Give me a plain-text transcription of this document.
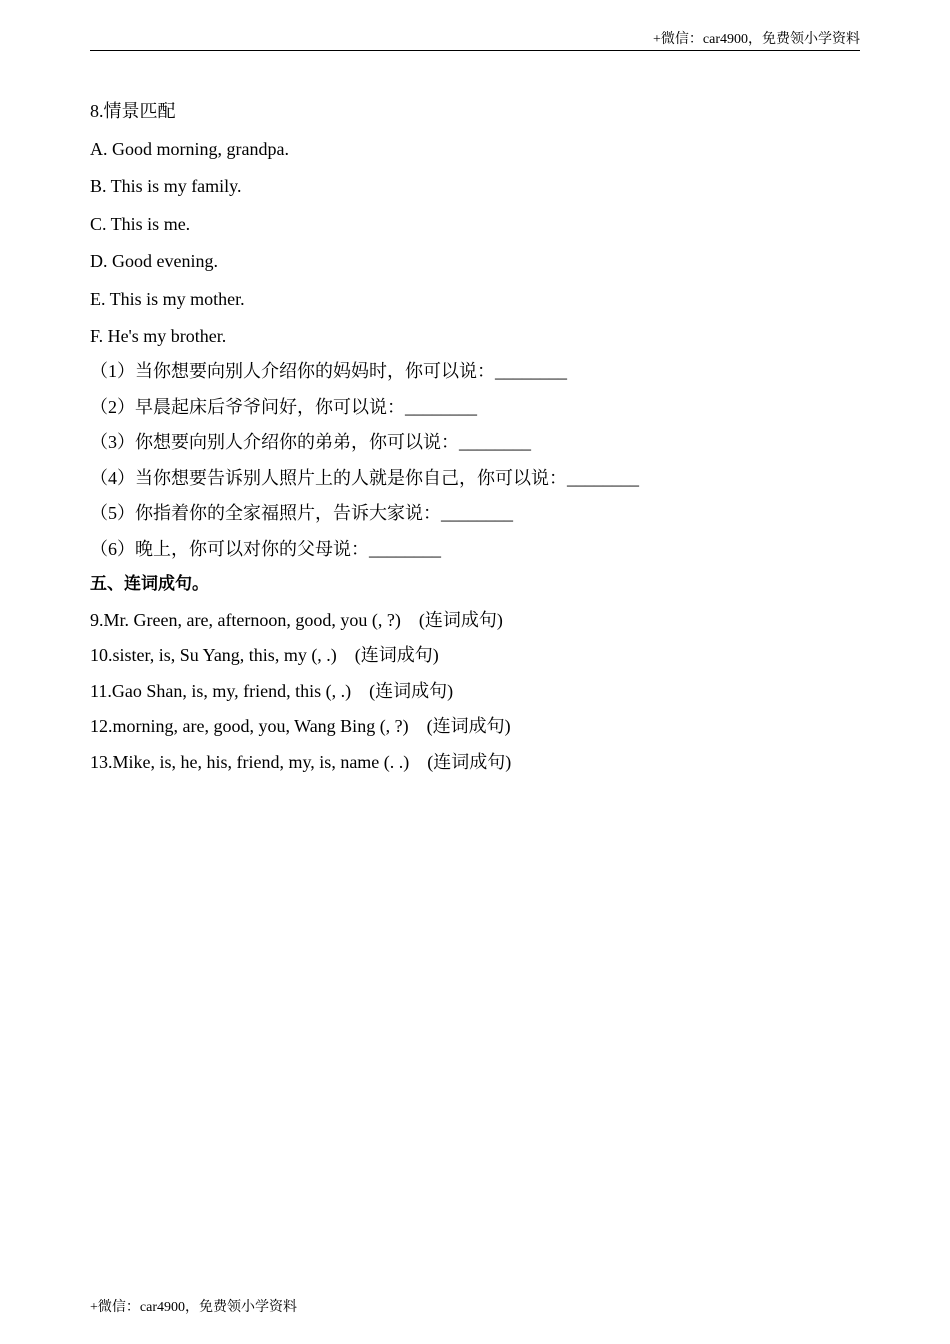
+微信：car4900，免费领小学资料
8.情景匹配
A. Good morning, grandpa.
B. This is my family.
C. This is me.
D. Good evening.
E. This is my mother.
F. He's my brother.
（1）当你想要向别人介绍你的妈妈时，你可以说：________
（2）早晨起床后爷爷问好，你可以说：________
（3）你想要向别人介绍你的弟弟，你可以说：________
（4）当你想要告诉别人照片上的人就是你自己，你可以说：________
（5）你指着你的全家福照片，告诉大家说：________
（6）晚上，你可以对你的父母说：________
五、连词成句。
9.Mr. Green, are, afternoon, good, you (, ?)    (连词成句)
10.sister, is, Su Yang, this, my (, .)    (连词成句)
11.Gao Shan, is, my, friend, this (, .)    (连词成句)
12.morning, are, good, you, Wang Bing (, ?)    (连词成句)
13.Mike, is, he, his, friend, my, is, name (. .)    (连词成句)
+微信：car4900，免费领小学资料
